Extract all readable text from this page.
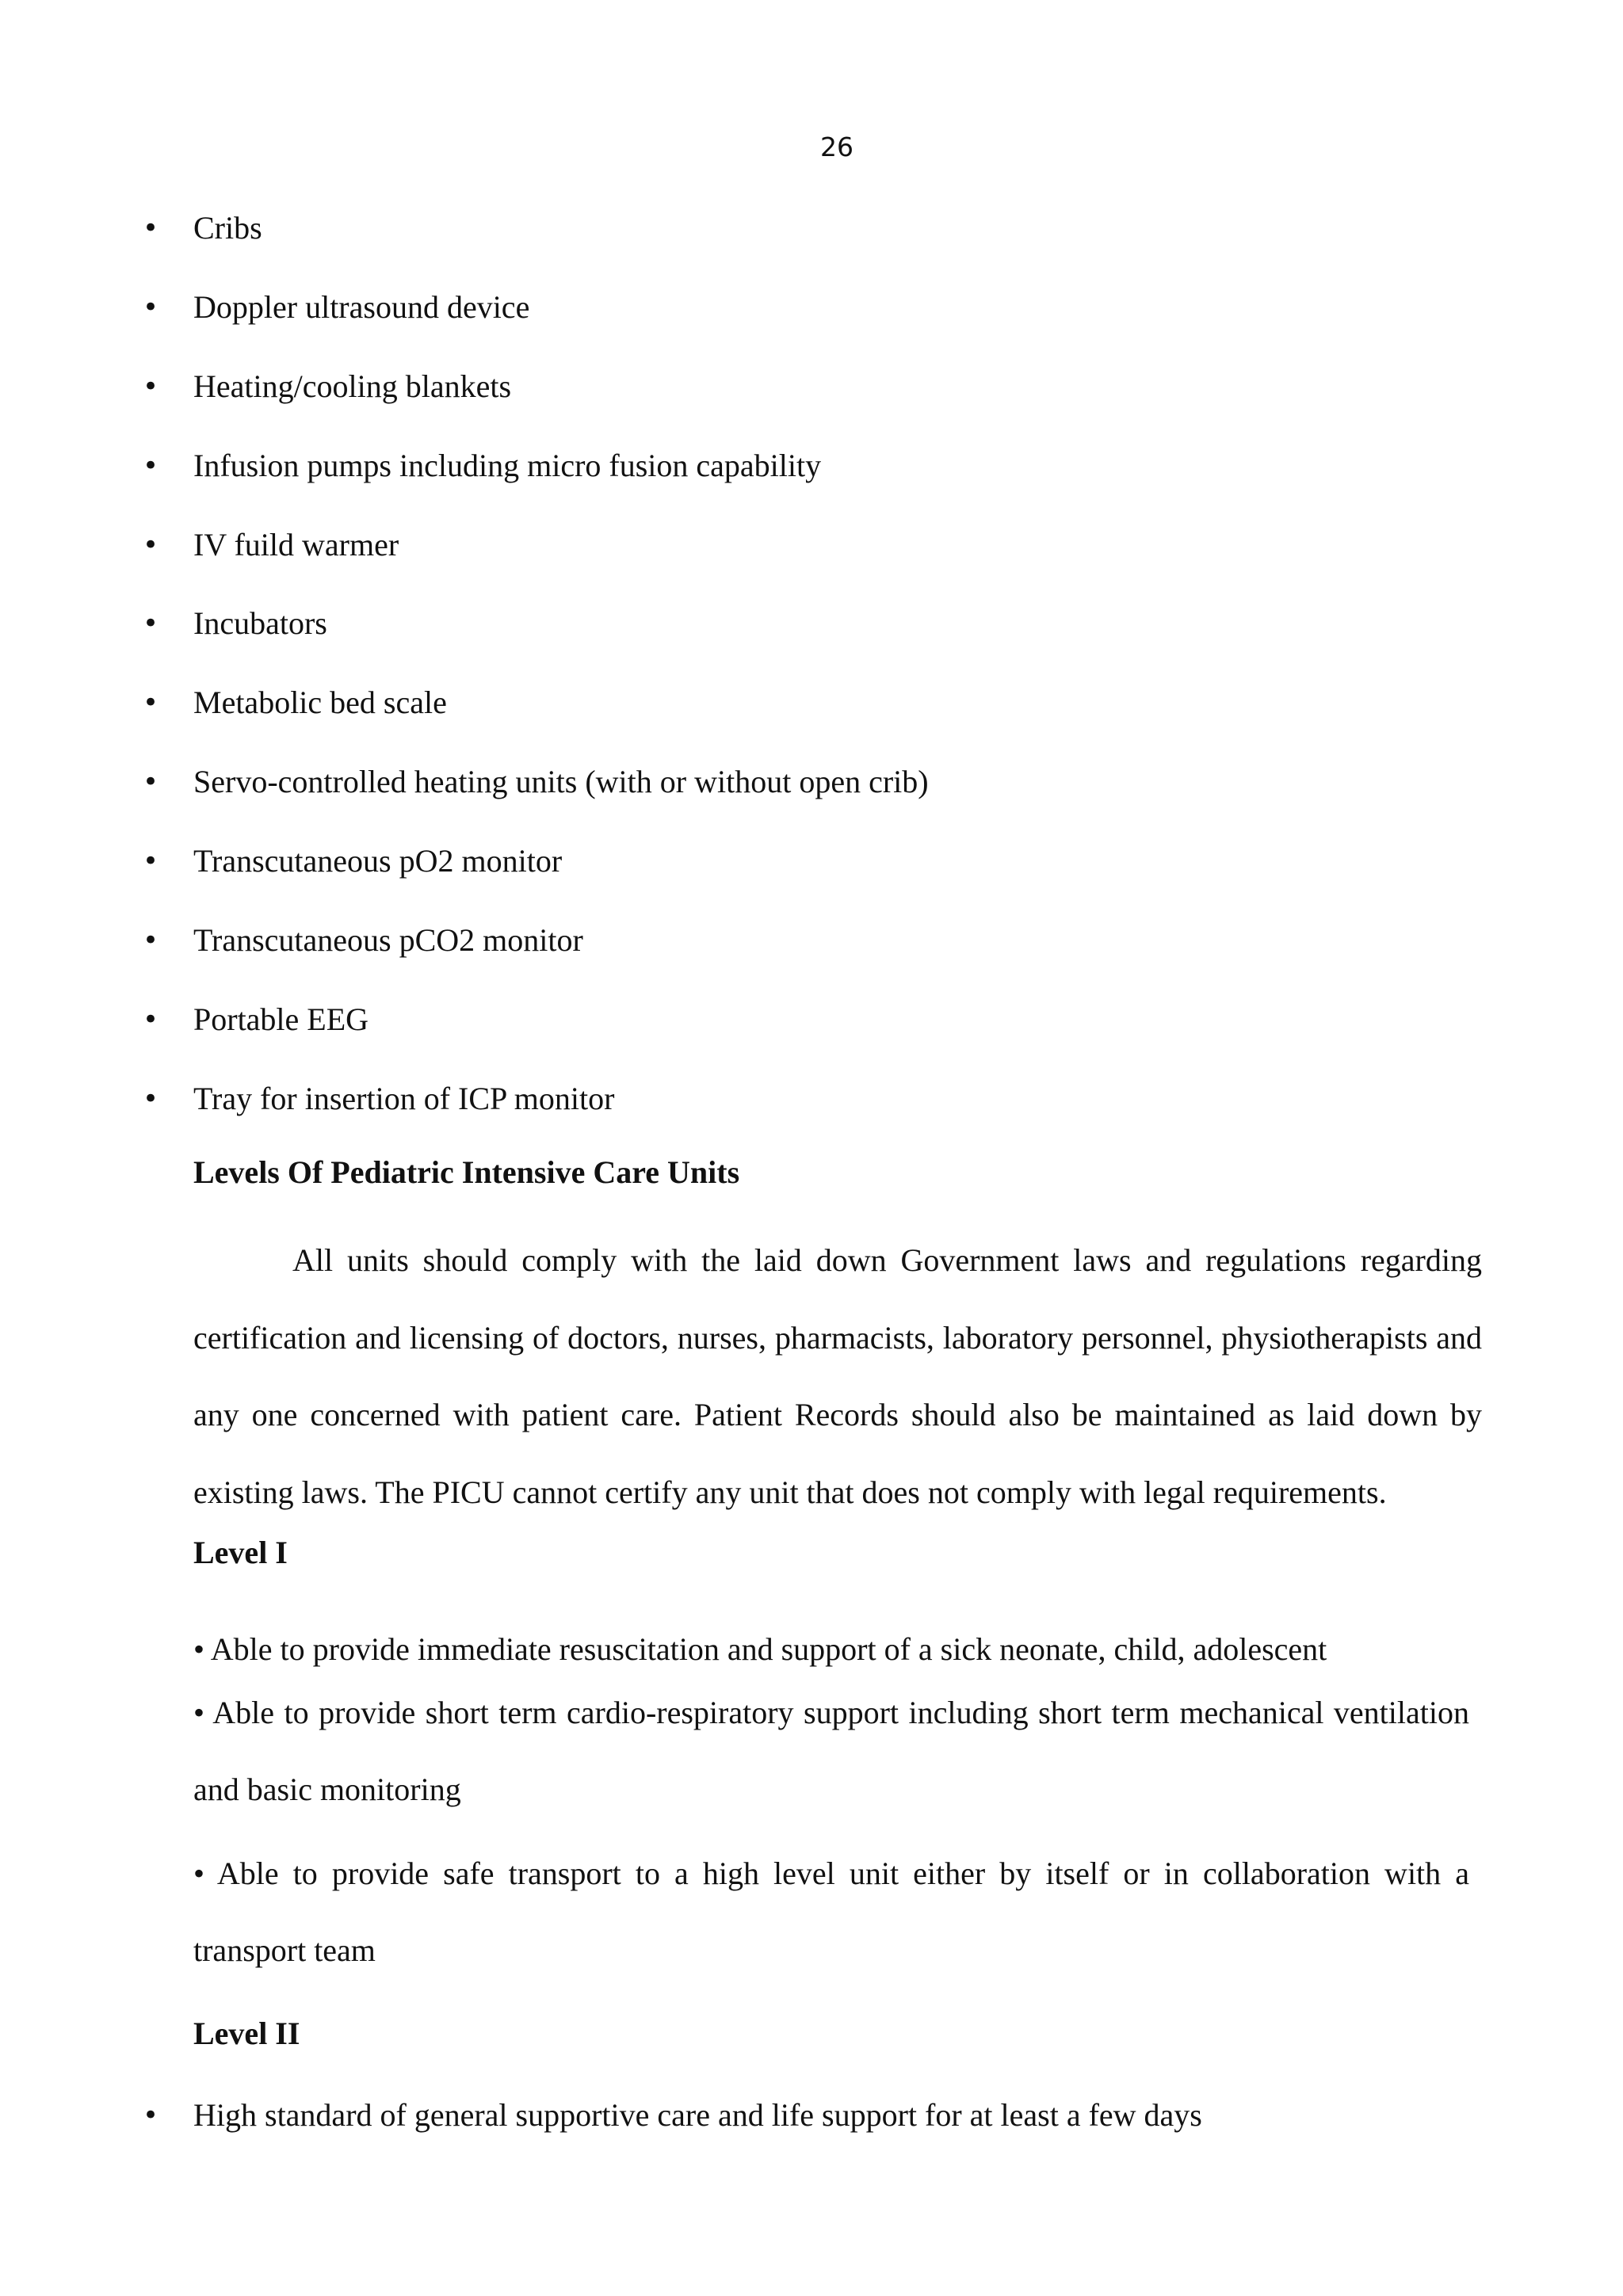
26
• Cribs
• Doppler ultrasound device
• Heating/cooling blankets
• Infusion pumps including micro fusion capability
• IV fuild warmer
• Incubators
• Metabolic bed scale
• Servo-controlled heating units (with or without open crib)
• Transcutaneous pO2 monitor
• Transcutaneous pCO2 monitor
• Portable EEG
• Tray for insertion of ICP monitor
Levels Of Pediatric Intensive Care Units

All units should comply with the laid down Government laws and regulations regarding certification and licensing of doctors, nurses, pharmacists, laboratory personnel, physiotherapists and any one concerned with patient care. Patient Records should also be maintained as laid down by existing laws. The PICU cannot certify any unit that does not comply with legal requirements.

Level I

• Able to provide immediate resuscitation and support of a sick neonate, child, adolescent

• Able to provide short term cardio-respiratory support including short term mechanical ventilation and basic monitoring

• Able to provide safe transport to a high level unit either by itself or in collaboration with a transport team

Level II
• High standard of general supportive care and life support for at least a few days
